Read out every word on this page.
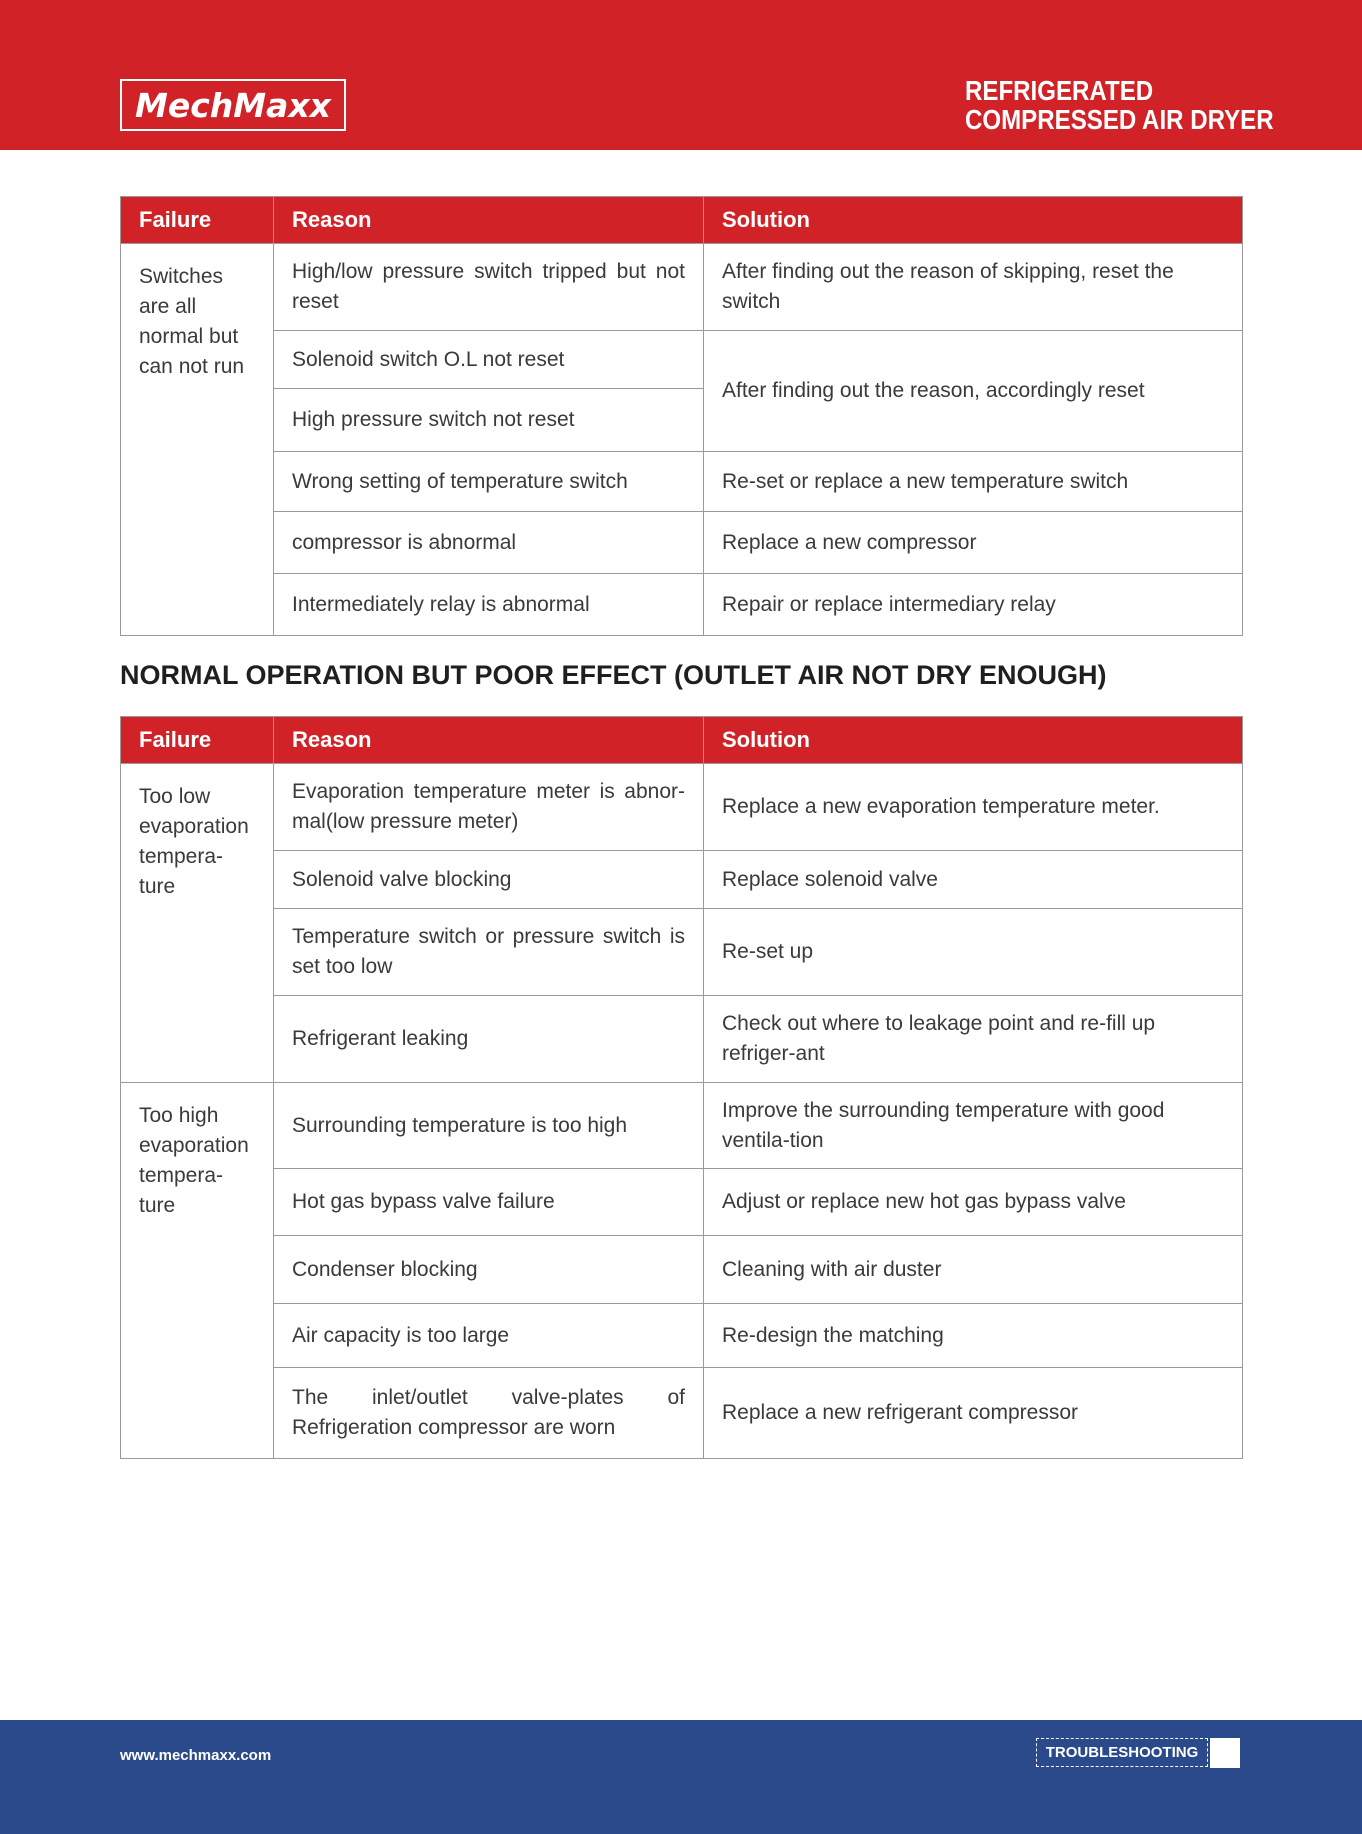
MechMaxx	REFRIGERATED
COMPRESSED AIR DRYER
Failure	Reason	Solution

Switches
are all
normal but
can not run	High/low pressure switch tripped but not reset	After finding out the reason of skipping, reset the switch
	Solenoid switch O.L not reset	After finding out the reason, accordingly reset
	High pressure switch not reset	
	Wrong setting of temperature switch	Re-set or replace a new temperature switch
	compressor is abnormal	Replace a new compressor
	Intermediately relay is abnormal	Repair or replace intermediary relay
NORMAL OPERATION BUT POOR EFFECT (OUTLET AIR NOT DRY ENOUGH)
Failure	Reason	Solution

Too low
evaporation
tempera-
ture	Evaporation temperature meter is abnor-mal(low pressure meter)	Replace a new evaporation temperature meter.
	Solenoid valve blocking	Replace solenoid valve
	Temperature switch or pressure switch is set too low	Re-set up
	Refrigerant leaking	Check out where to leakage point and re-fill up refriger-ant

Too high
evaporation
tempera-
ture	Surrounding temperature is too high	Improve the surrounding temperature with good ventila-tion
	Hot gas bypass valve failure	Adjust or replace new hot gas bypass valve
	Condenser blocking	Cleaning with air duster
	Air capacity is too large	Re-design the matching
	The inlet/outlet valve-plates of Refrigeration compressor are worn	Replace a new refrigerant compressor
www.mechmaxx.com	TROUBLESHOOTING
